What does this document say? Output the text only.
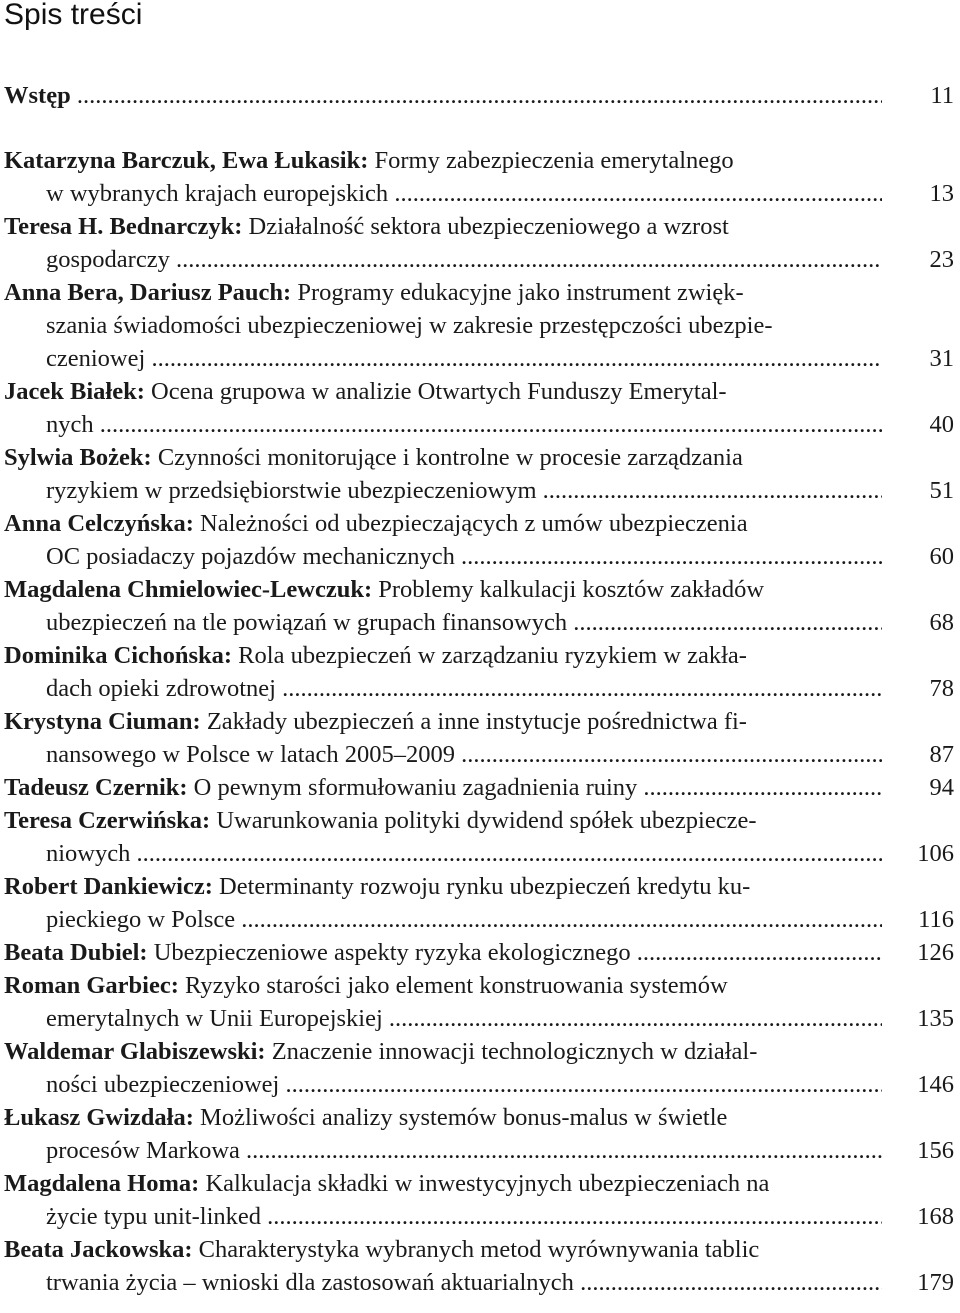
Spis treści
11
Wstęp .....
Katarzyna Barczuk, Ewa Łukasik: Formy zabezpieczenia emerytalnego
13
w wybranych krajach europejskich .....
Teresa H. Bednarczyk: Działalność sektora ubezpieczeniowego a wzrost
23
gospodarczy .....
Anna Bera, Dariusz Pauch: Programy edukacyjne jako instrument zwięk-
szania świadomości ubezpieczeniowej w zakresie przestępczości ubezpie-
31
czeniowej .....
Jacek Białek: Ocena grupowa w analizie Otwartych Funduszy Emerytal-
40
nych .....
Sylwia Bożek: Czynności monitorujące i kontrolne w procesie zarządzania
51
ryzykiem w przedsiębiorstwie ubezpieczeniowym .....
Anna Celczyńska: Należności od ubezpieczających z umów ubezpieczenia
60
OC posiadaczy pojazdów mechanicznych .....
Magdalena Chmielowiec-Lewczuk: Problemy kalkulacji kosztów zakładów
68
ubezpieczeń na tle powiązań w grupach finansowych .....
Dominika Cichońska: Rola ubezpieczeń w zarządzaniu ryzykiem w zakła-
78
dach opieki zdrowotnej .....
Krystyna Ciuman: Zakłady ubezpieczeń a inne instytucje pośrednictwa fi-
87
nansowego w Polsce w latach 2005–2009 .....
94
Tadeusz Czernik: O pewnym sformułowaniu zagadnienia ruiny .....
Teresa Czerwińska: Uwarunkowania polityki dywidend spółek ubezpiecze-
106
niowych .....
Robert Dankiewicz: Determinanty rozwoju rynku ubezpieczeń kredytu ku-
116
pieckiego w Polsce .....
126
Beata Dubiel: Ubezpieczeniowe aspekty ryzyka ekologicznego .....
Roman Garbiec: Ryzyko starości jako element konstruowania systemów
135
emerytalnych w Unii Europejskiej .....
Waldemar Glabiszewski: Znaczenie innowacji technologicznych w działal-
146
ności ubezpieczeniowej .....
Łukasz Gwizdała: Możliwości analizy systemów bonus-malus w świetle
156
procesów Markowa .....
Magdalena Homa: Kalkulacja składki w inwestycyjnych ubezpieczeniach na
168
życie typu unit-linked .....
Beata Jackowska: Charakterystyka wybranych metod wyrównywania tablic
179
trwania życia – wnioski dla zastosowań aktuarialnych .....
